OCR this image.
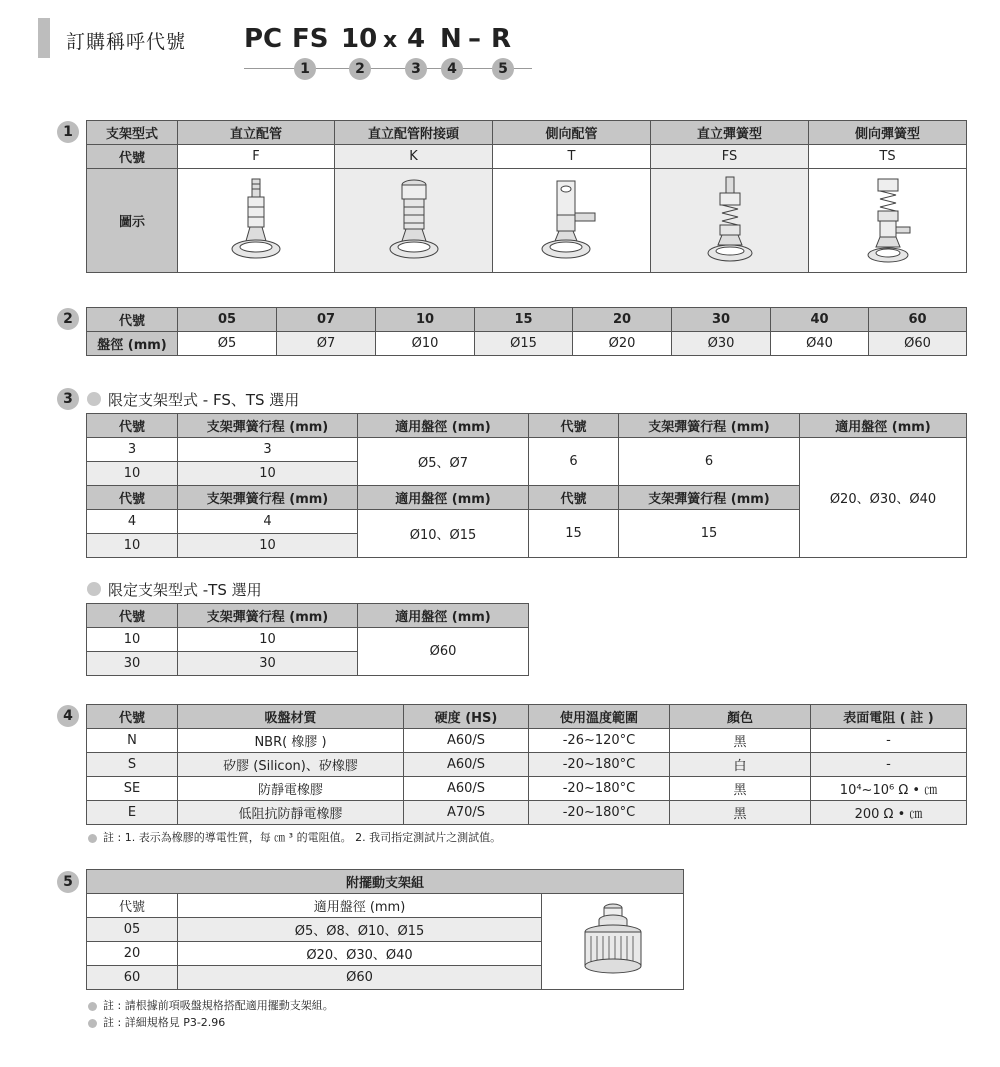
訂購稱呼代號 PC FS 10 x 4 N – R
1	2	3	4	5
1	支架型式	直立配管	直立配管附接頭	側向配管	直立彈簧型	側向彈簧型
代號	F	K	T	FS	TS
圖示	

2	代號	05	07	10	15	20	30	40	60
盤徑 (mm)	Ø5	Ø7	Ø10	Ø15	Ø20	Ø30	Ø40	Ø60
3	限定支架型式 - FS、TS 選用
代號	支架彈簧行程 (mm)	適用盤徑 (mm)	代號	支架彈簧行程 (mm)	適用盤徑 (mm)
3	3	Ø5、Ø7	6	6	Ø20、Ø30、Ø40
10	10				
代號	支架彈簧行程 (mm)	適用盤徑 (mm)	代號	支架彈簧行程 (mm)	
4	4	Ø10、Ø15	15	15	
10	10				
限定支架型式 -TS 選用
代號	支架彈簧行程 (mm)	適用盤徑 (mm)
10	10	Ø60
30	30	
4	代號	吸盤材質	硬度 (HS)	使用溫度範圍	顏色	表面電阻 ( 註 )
N	NBR( 橡膠 )	A60/S	-26~120°C	黑	-
S	矽膠 (Silicon)、矽橡膠	A60/S	-20~180°C	白	-
SE	防靜電橡膠	A60/S	-20~180°C	黑	10⁴~10⁶ Ω • ㎝
E	低阻抗防靜電橡膠	A70/S	-20~180°C	黑	200 Ω • ㎝
註 : 1. 表示為橡膠的導電性質，每 ㎝ ³ 的電阻值。 2. 我司指定測試片之測試值。
5	附擺動支架組		
代號	適用盤徑 (mm)	

05	Ø5、Ø8、Ø10、Ø15	
20	Ø20、Ø30、Ø40	
60	Ø60	
註 : 請根據前項吸盤規格搭配適用擺動支架組。
註 : 詳細規格見 P3-2.96
